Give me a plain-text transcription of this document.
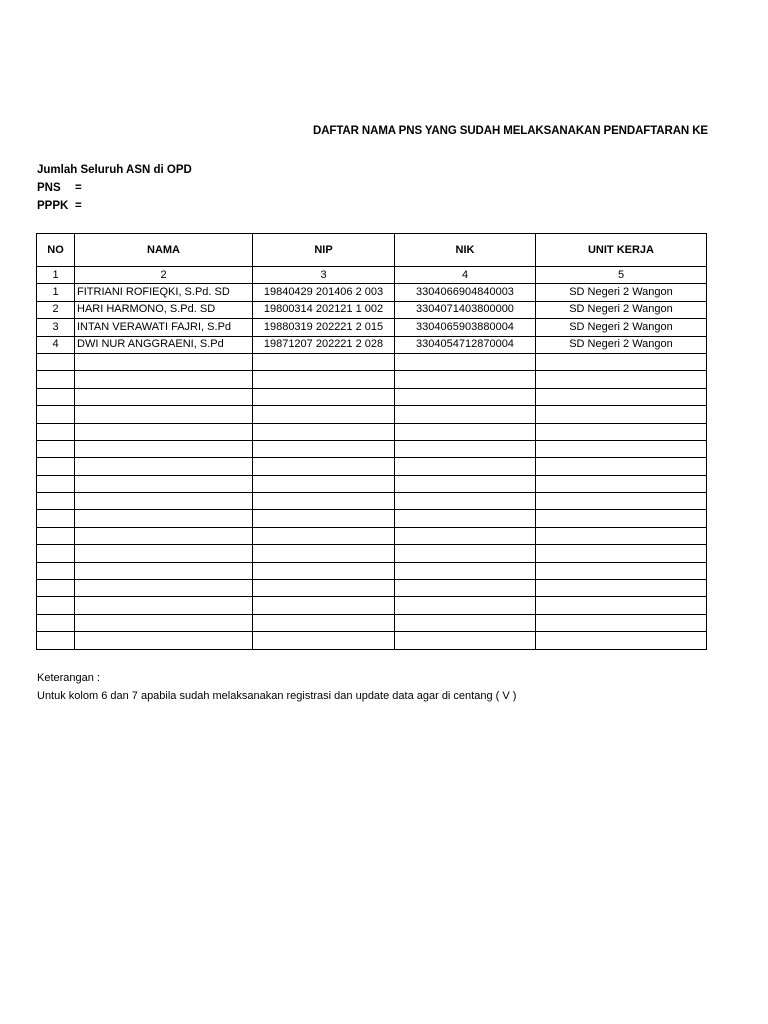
DAFTAR NAMA PNS YANG SUDAH MELAKSANAKAN PENDAFTARAN KE
Jumlah Seluruh ASN di OPD
PNS =
PPPK =
NO	NAMA	NIP	NIK	UNIT KERJA
1	2	3	4	5
1	FITRIANI ROFIEQKI, S.Pd. SD	19840429 201406 2 003	3304066904840003	SD Negeri 2 Wangon
2	HARI HARMONO, S.Pd. SD	19800314 202121 1 002	3304071403800000	SD Negeri 2 Wangon
3	INTAN VERAWATI FAJRI, S.Pd	19880319 202221 2 015	3304065903880004	SD Negeri 2 Wangon
4	DWI NUR ANGGRAENI, S.Pd	19871207 202221 2 028	3304054712870004	SD Negeri 2 Wangon

Keterangan :
Untuk kolom 6 dan 7 apabila sudah melaksanakan registrasi dan update data agar di centang ( V )
